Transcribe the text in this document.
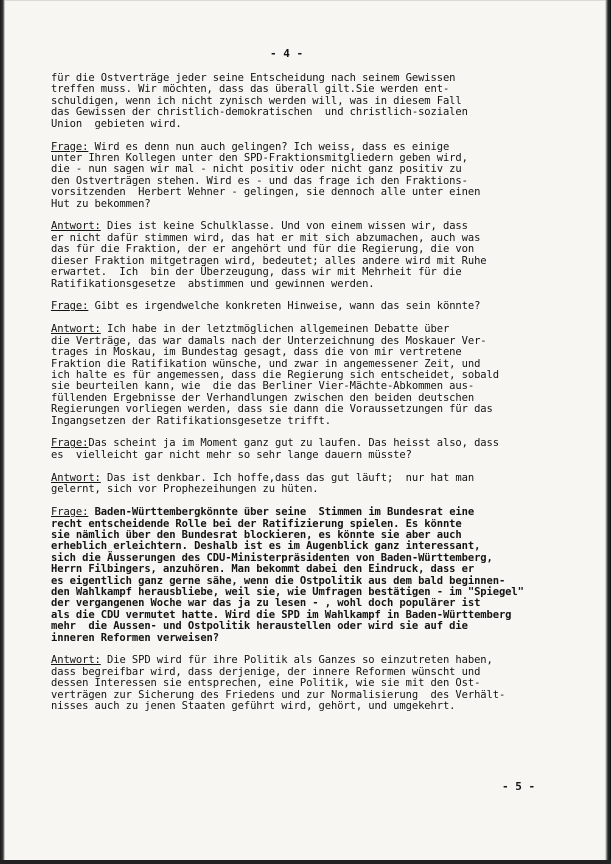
- 4 -
für die Ostverträge jeder seine Entscheidung nach seinem Gewissen
treffen muss. Wir möchten, dass das überall gilt.Sie werden ent-
schuldigen, wenn ich nicht zynisch werden will, was in diesem Fall
das Gewissen der christlich-demokratischen  und christlich-sozialen
Union  gebieten wird.
Frage: Wird es denn nun auch gelingen? Ich weiss, dass es einige
unter Ihren Kollegen unter den SPD-Fraktionsmitgliedern geben wird,
die - nun sagen wir mal - nicht positiv oder nicht ganz positiv zu
den Ostverträgen stehen. Wird es - und das frage ich den Fraktions-
vorsitzenden  Herbert Wehner - gelingen, sie dennoch alle unter einen
Hut zu bekommen?
Antwort: Dies ist keine Schulklasse. Und von einem wissen wir, dass
er nicht dafür stimmen wird, das hat er mit sich abzumachen, auch was
das für die Fraktion, der er angehört und für die Regierung, die von
dieser Fraktion mitgetragen wird, bedeutet; alles andere wird mit Ruhe
erwartet.  Ich  bin der Überzeugung, dass wir mit Mehrheit für die
Ratifikationsgesetze  abstimmen und gewinnen werden.
Frage: Gibt es irgendwelche konkreten Hinweise, wann das sein könnte?
Antwort: Ich habe in der letztmöglichen allgemeinen Debatte über
die Verträge, das war damals nach der Unterzeichnung des Moskauer Ver-
trages in Moskau, im Bundestag gesagt, dass die von mir vertretene
Fraktion die Ratifikation wünsche, und zwar in angemessener Zeit, und
ich halte es für angemessen, dass die Regierung sich entscheidet, sobald
sie beurteilen kann, wie  die das Berliner Vier-Mächte-Abkommen aus-
füllenden Ergebnisse der Verhandlungen zwischen den beiden deutschen
Regierungen vorliegen werden, dass sie dann die Voraussetzungen für das
Ingangsetzen der Ratifikationsgesetze trifft.
Frage:Das scheint ja im Moment ganz gut zu laufen. Das heisst also, dass
es  vielleicht gar nicht mehr so sehr lange dauern müsste?
Antwort: Das ist denkbar. Ich hoffe,dass das gut läuft;  nur hat man
gelernt, sich vor Prophezeihungen zu hüten.
Frage: Baden-Württembergkönnte über seine  Stimmen im Bundesrat eine
recht entscheidende Rolle bei der Ratifizierung spielen. Es könnte
sie nämlich über den Bundesrat blockieren, es könnte sie aber auch
erheblich erleichtern. Deshalb ist es im Augenblick ganz interessant,
sich die Äusserungen des CDU-Ministerpräsidenten von Baden-Württemberg,
Herrn Filbingers, anzuhören. Man bekommt dabei den Eindruck, dass er
es eigentlich ganz gerne sähe, wenn die Ostpolitik aus dem bald beginnen-
den Wahlkampf herausbliebe, weil sie, wie Umfragen bestätigen - im "Spiegel"
der vergangenen Woche war das ja zu lesen - , wohl doch populärer ist
als die CDU vermutet hatte. Wird die SPD im Wahlkampf in Baden-Württemberg
mehr  die Aussen- und Ostpolitik heraustellen oder wird sie auf die
inneren Reformen verweisen?
Antwort: Die SPD wird für ihre Politik als Ganzes so einzutreten haben,
dass begreifbar wird, dass derjenige, der innere Reformen wünscht und
dessen Interessen sie entsprechen, eine Politik, wie sie mit den Ost-
verträgen zur Sicherung des Friedens und zur Normalisierung  des Verhält-
nisses auch zu jenen Staaten geführt wird, gehört, und umgekehrt.
- 5 -
